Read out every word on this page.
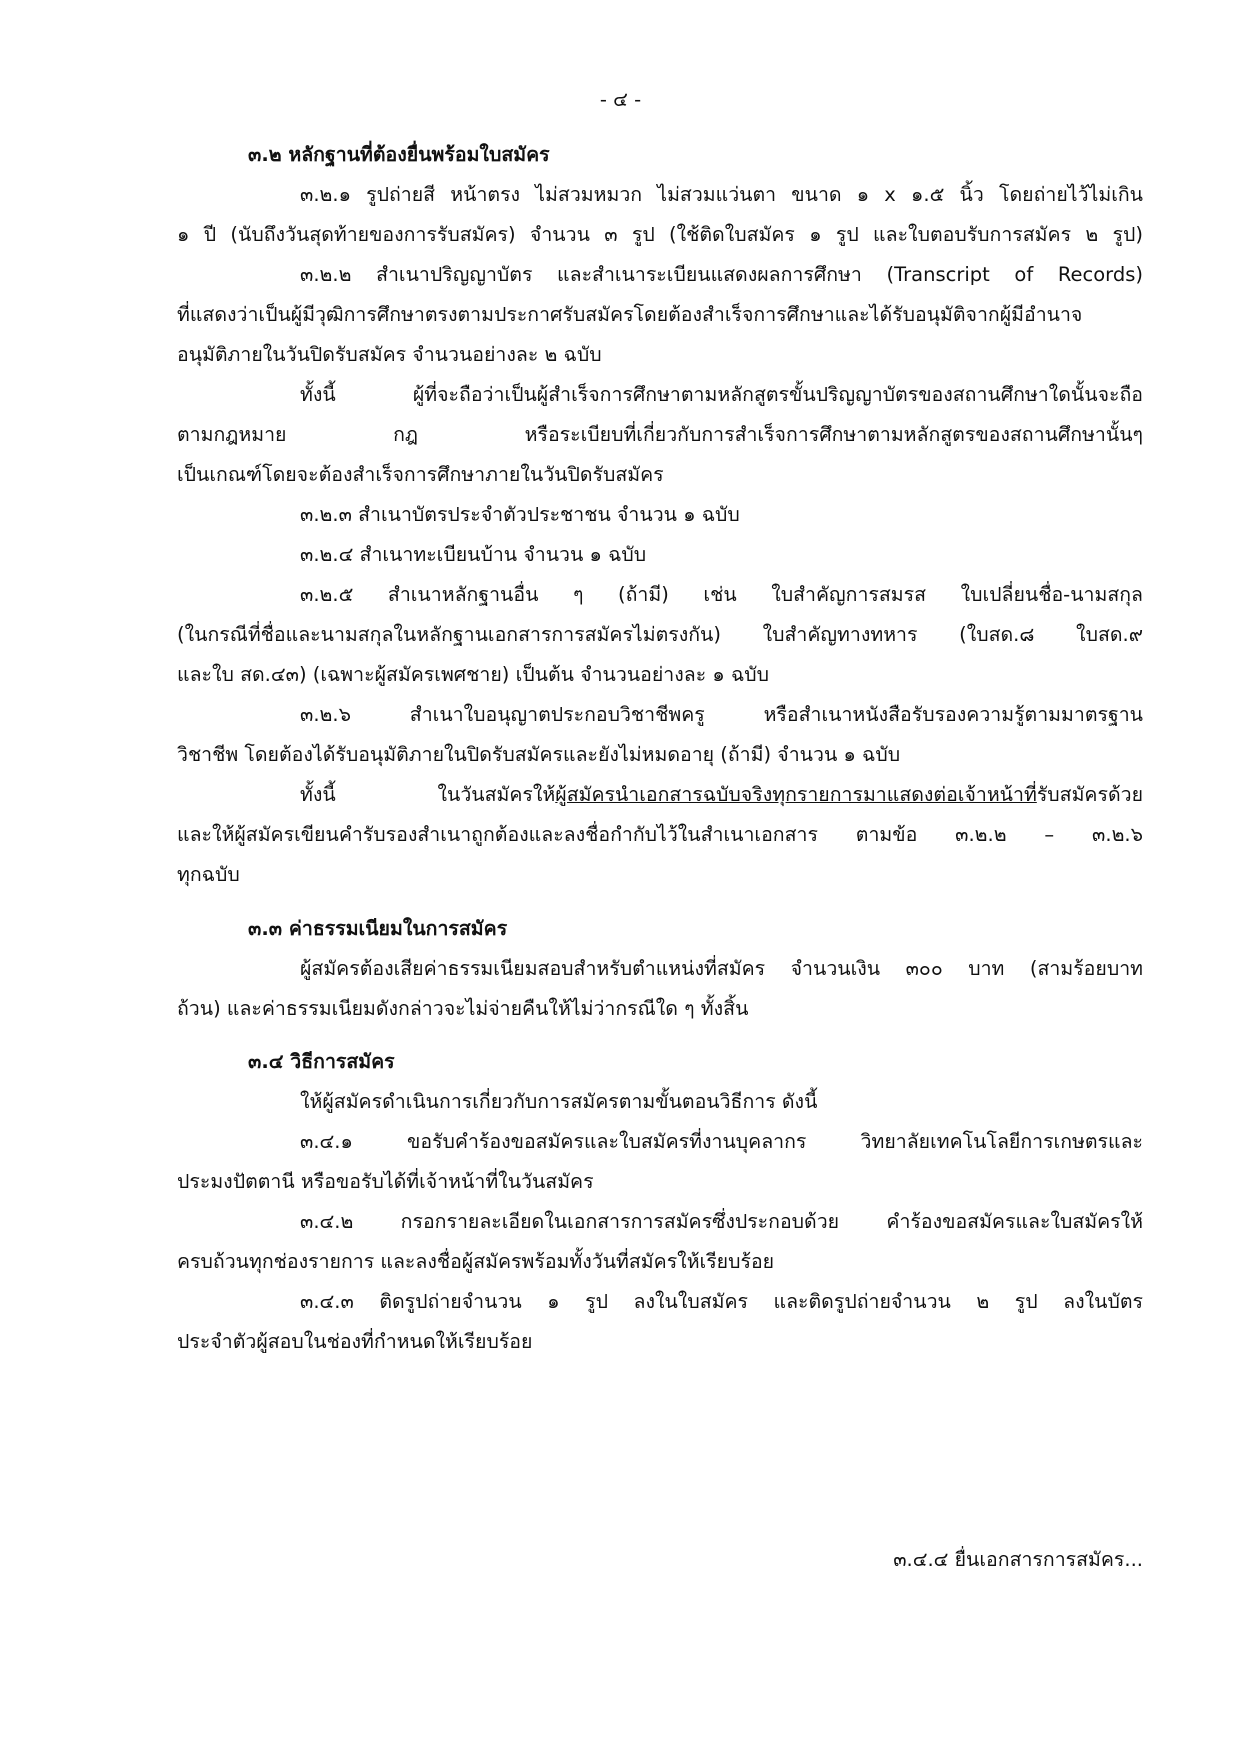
- ๔ -
๓.๒ หลักฐานที่ต้องยื่นพร้อมใบสมัคร
๓.๒.๑ รูปถ่ายสี หน้าตรง ไม่สวมหมวก ไม่สวมแว่นตา ขนาด ๑ x ๑.๕ นิ้ว โดยถ่ายไว้ไม่เกิน
๑ ปี (นับถึงวันสุดท้ายของการรับสมัคร) จำนวน ๓ รูป (ใช้ติดใบสมัคร ๑ รูป และใบตอบรับการสมัคร ๒ รูป)
๓.๒.๒ สำเนาปริญญาบัตร และสำเนาระเบียนแสดงผลการศึกษา (Transcript of Records)
ที่แสดงว่าเป็นผู้มีวุฒิการศึกษาตรงตามประกาศรับสมัครโดยต้องสำเร็จการศึกษาและได้รับอนุมัติจากผู้มีอำนาจ
อนุมัติภายในวันปิดรับสมัคร จำนวนอย่างละ ๒ ฉบับ
ทั้งนี้ ผู้ที่จะถือว่าเป็นผู้สำเร็จการศึกษาตามหลักสูตรขั้นปริญญาบัตรของสถานศึกษาใดนั้นจะถือ
ตามกฎหมาย กฎ หรือระเบียบที่เกี่ยวกับการสำเร็จการศึกษาตามหลักสูตรของสถานศึกษานั้นๆ
เป็นเกณฑ์โดยจะต้องสำเร็จการศึกษาภายในวันปิดรับสมัคร
๓.๒.๓ สำเนาบัตรประจำตัวประชาชน จำนวน ๑ ฉบับ
๓.๒.๔ สำเนาทะเบียนบ้าน จำนวน ๑ ฉบับ
๓.๒.๕ สำเนาหลักฐานอื่น ๆ (ถ้ามี) เช่น ใบสำคัญการสมรส ใบเปลี่ยนชื่อ-นามสกุล
(ในกรณีที่ชื่อและนามสกุลในหลักฐานเอกสารการสมัครไม่ตรงกัน) ใบสำคัญทางทหาร (ใบสด.๘ ใบสด.๙
และใบ สด.๔๓) (เฉพาะผู้สมัครเพศชาย) เป็นต้น จำนวนอย่างละ ๑ ฉบับ
๓.๒.๖ สำเนาใบอนุญาตประกอบวิชาชีพครู หรือสำเนาหนังสือรับรองความรู้ตามมาตรฐาน
วิชาชีพ โดยต้องได้รับอนุมัติภายในปิดรับสมัครและยังไม่หมดอายุ (ถ้ามี) จำนวน ๑ ฉบับ
ทั้งนี้ ในวันสมัครให้ผู้สมัครนำเอกสารฉบับจริงทุกรายการมาแสดงต่อเจ้าหน้าที่รับสมัครด้วย
และให้ผู้สมัครเขียนคำรับรองสำเนาถูกต้องและลงชื่อกำกับไว้ในสำเนาเอกสาร ตามข้อ ๓.๒.๒ – ๓.๒.๖
ทุกฉบับ
๓.๓ ค่าธรรมเนียมในการสมัคร
ผู้สมัครต้องเสียค่าธรรมเนียมสอบสำหรับตำแหน่งที่สมัคร จำนวนเงิน ๓๐๐ บาท (สามร้อยบาท
ถ้วน) และค่าธรรมเนียมดังกล่าวจะไม่จ่ายคืนให้ไม่ว่ากรณีใด ๆ ทั้งสิ้น
๓.๔ วิธีการสมัคร
ให้ผู้สมัครดำเนินการเกี่ยวกับการสมัครตามขั้นตอนวิธีการ ดังนี้
๓.๔.๑ ขอรับคำร้องขอสมัครและใบสมัครที่งานบุคลากร วิทยาลัยเทคโนโลยีการเกษตรและ
ประมงปัตตานี หรือขอรับได้ที่เจ้าหน้าที่ในวันสมัคร
๓.๔.๒ กรอกรายละเอียดในเอกสารการสมัครซึ่งประกอบด้วย คำร้องขอสมัครและใบสมัครให้
ครบถ้วนทุกช่องรายการ และลงชื่อผู้สมัครพร้อมทั้งวันที่สมัครให้เรียบร้อย
๓.๔.๓ ติดรูปถ่ายจำนวน ๑ รูป ลงในใบสมัคร และติดรูปถ่ายจำนวน ๒ รูป ลงในบัตร
ประจำตัวผู้สอบในช่องที่กำหนดให้เรียบร้อย
๓.๔.๔ ยื่นเอกสารการสมัคร...
